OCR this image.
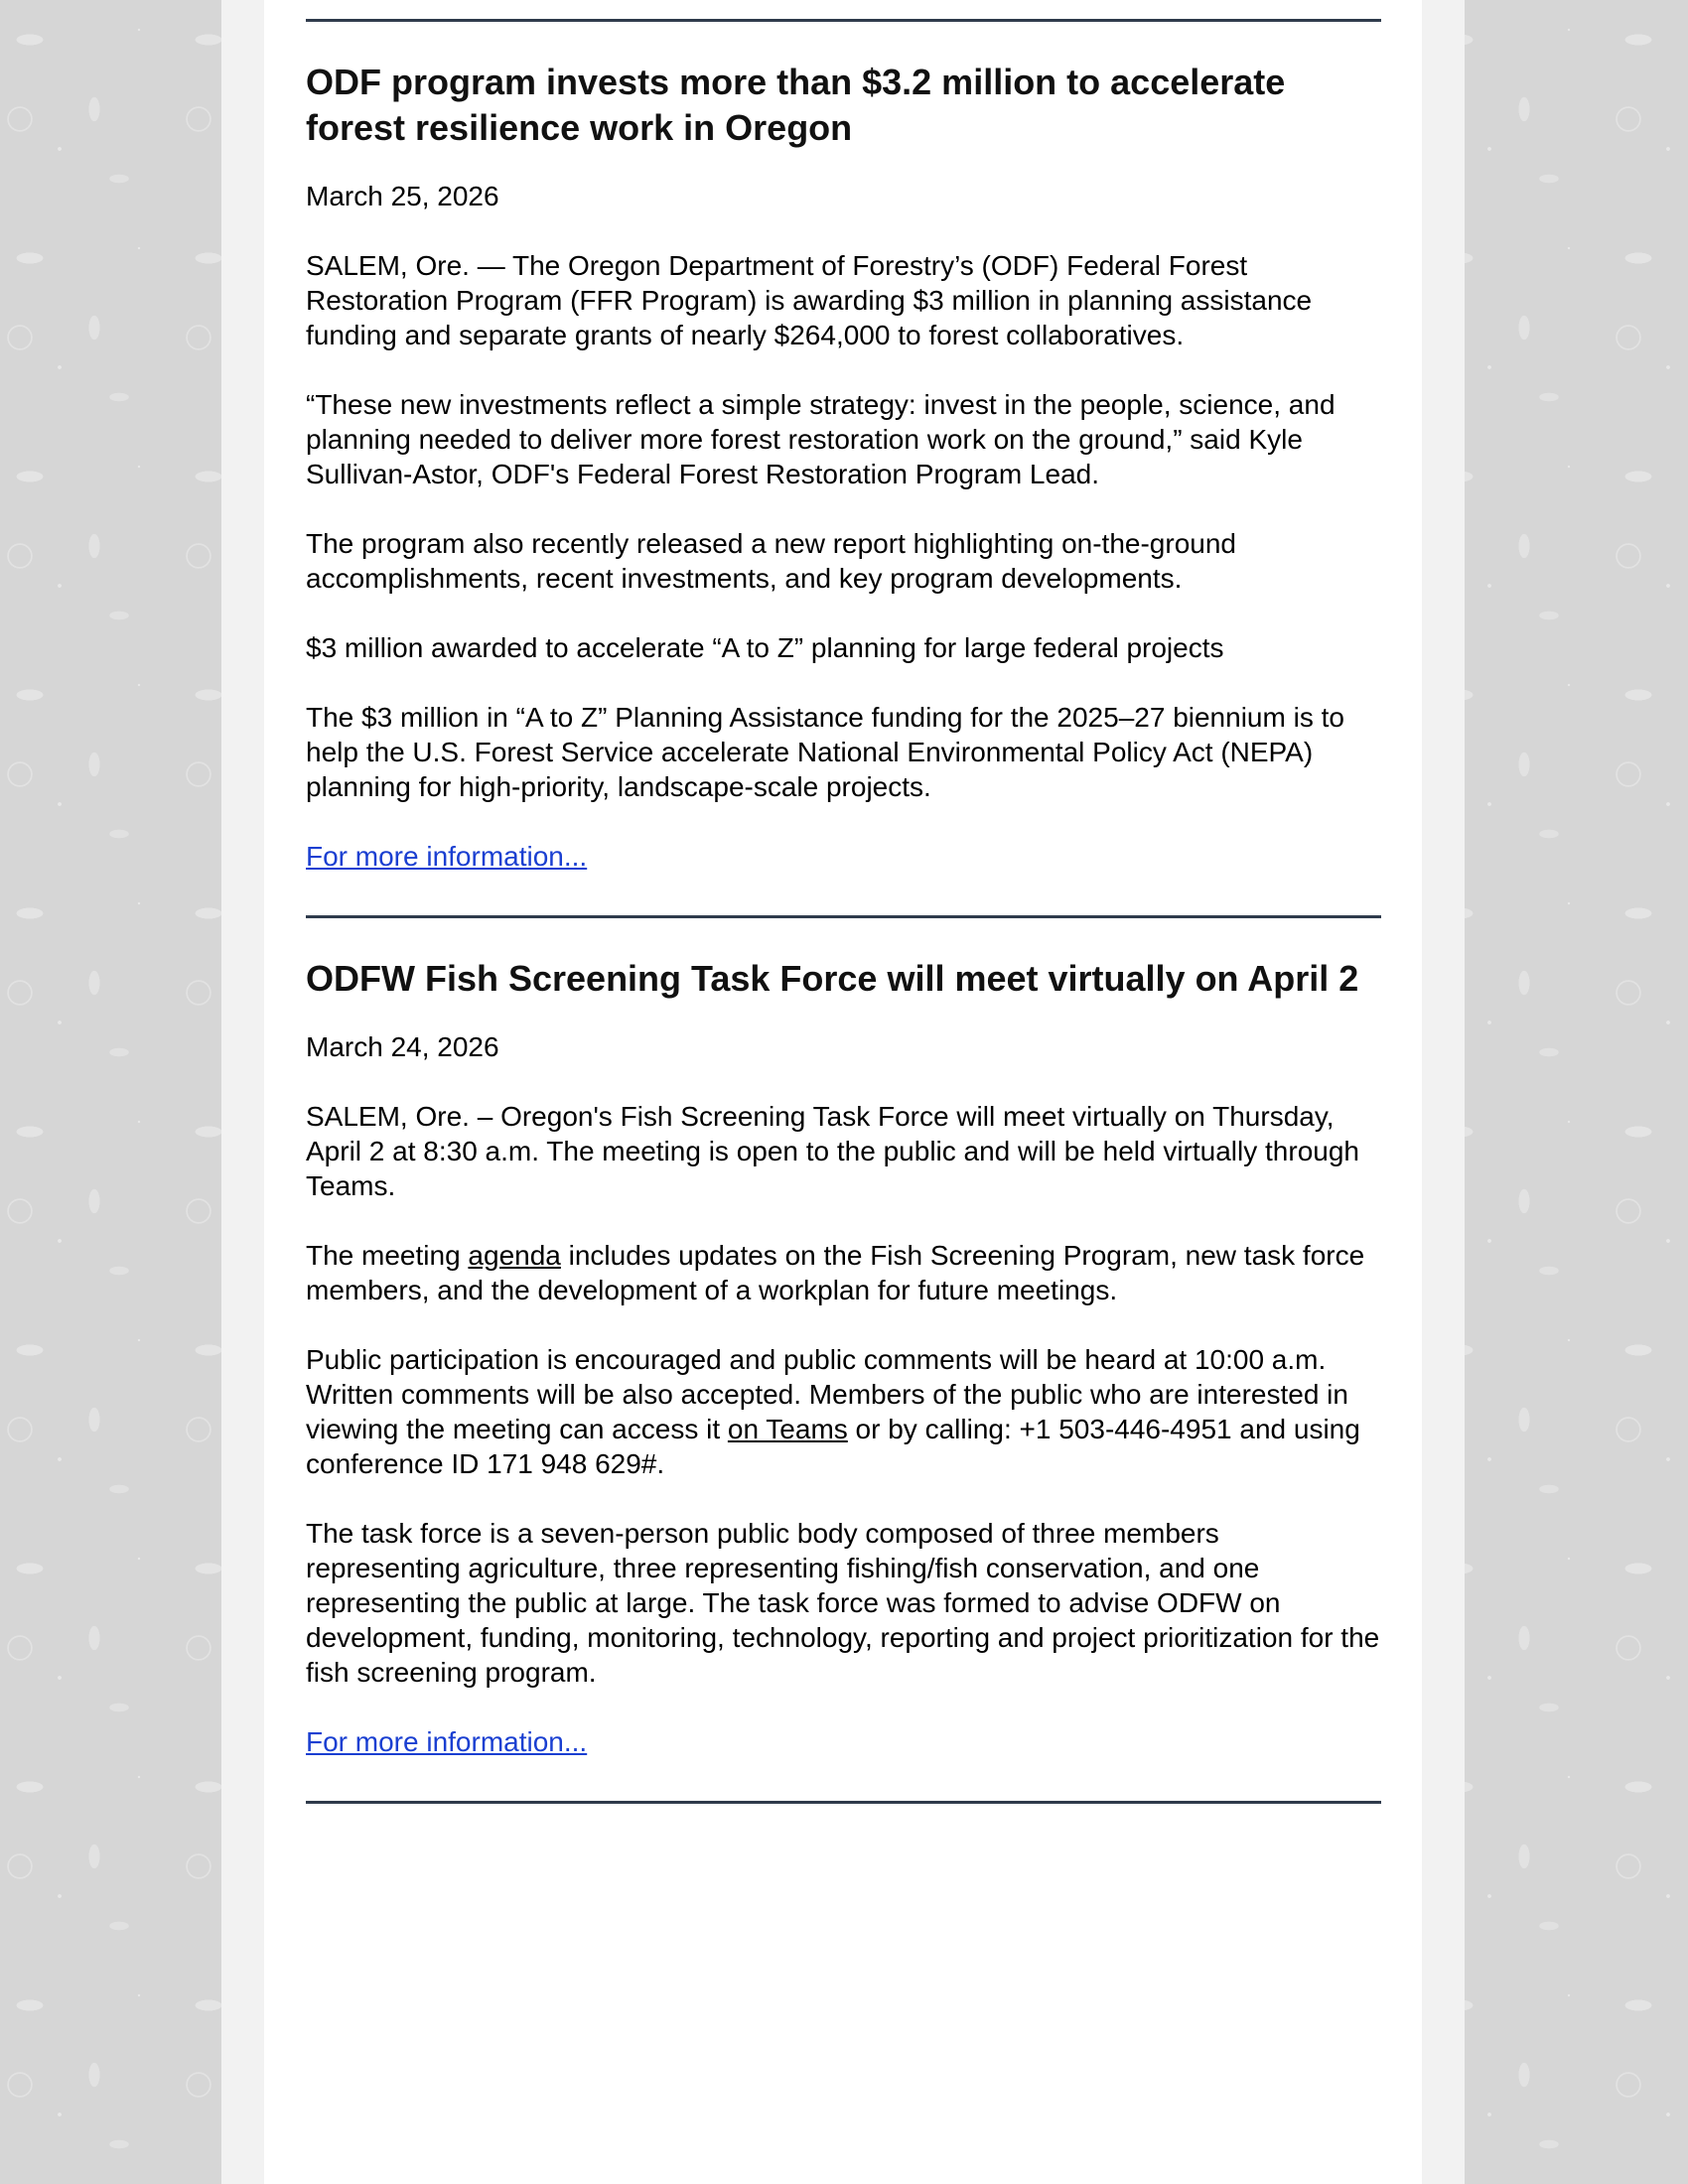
ODF program invests more than $3.2 million to accelerate forest resilience work in Oregon

March 25, 2026

SALEM, Ore. — The Oregon Department of Forestry’s (ODF) Federal Forest Restoration Program (FFR Program) is awarding $3 million in planning assistance funding and separate grants of nearly $264,000 to forest collaboratives.

“These new investments reflect a simple strategy: invest in the people, science, and planning needed to deliver more forest restoration work on the ground,” said Kyle Sullivan-Astor, ODF's Federal Forest Restoration Program Lead.

The program also recently released a new report highlighting on-the-ground accomplishments, recent investments, and key program developments.

$3 million awarded to accelerate “A to Z” planning for large federal projects

The $3 million in “A to Z” Planning Assistance funding for the 2025–27 biennium is to help the U.S. Forest Service accelerate National Environmental Policy Act (NEPA) planning for high-priority, landscape-scale projects.

For more information...

ODFW Fish Screening Task Force will meet virtually on April 2

March 24, 2026

SALEM, Ore. – Oregon's Fish Screening Task Force will meet virtually on Thursday, April 2 at 8:30 a.m. The meeting is open to the public and will be held virtually through Teams.

The meeting agenda includes updates on the Fish Screening Program, new task force members, and the development of a workplan for future meetings.

Public participation is encouraged and public comments will be heard at 10:00 a.m. Written comments will be also accepted. Members of the public who are interested in viewing the meeting can access it on Teams or by calling: +1 503-446-4951 and using conference ID 171 948 629#.

The task force is a seven-person public body composed of three members representing agriculture, three representing fishing/fish conservation, and one representing the public at large. The task force was formed to advise ODFW on development, funding, monitoring, technology, reporting and project prioritization for the fish screening program.

For more information...
